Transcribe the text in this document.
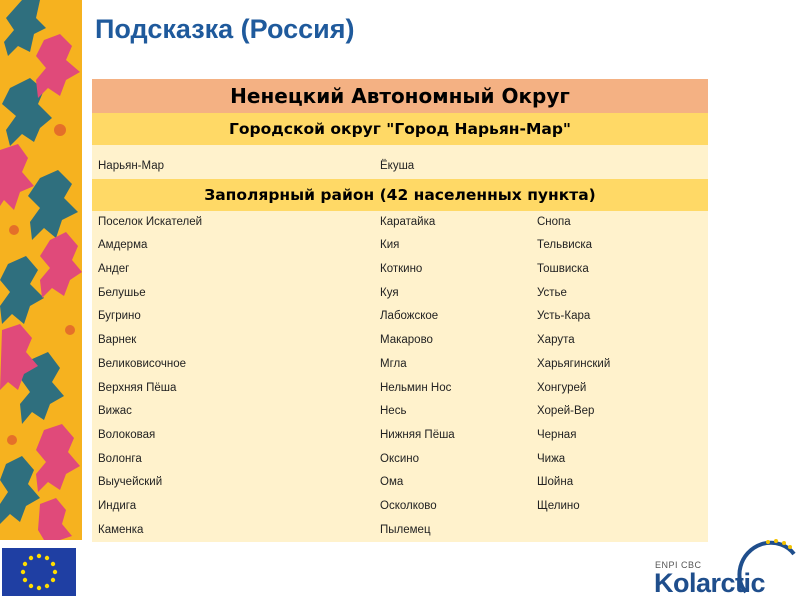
Подсказка (Россия)
Ненецкий Автономный Округ
Городской округ "Город Нарьян-Мар"
Нарьян-Мар	Ёкуша
Заполярный район (42 населенных пункта)
Поселок Искателей	Каратайка	Снопа
Амдерма	Кия	Тельвиска
Андег	Коткино	Тошвиска
Белушье	Куя	Устье
Бугрино	Лабожское	Усть-Кара
Варнек	Макарово	Харута
Великовисочное	Мгла	Харьягинский
Верхняя Пёша	Нельмин Нос	Хонгурей
Вижас	Несь	Хорей-Вер
Волоковая	Нижняя Пёша	Черная
Волонга	Оксино	Чижа
Выучейский	Ома	Шойна
Индига	Осколково	Щелино
Каменка	Пылемец
ENPI CBC
Kolarctic
